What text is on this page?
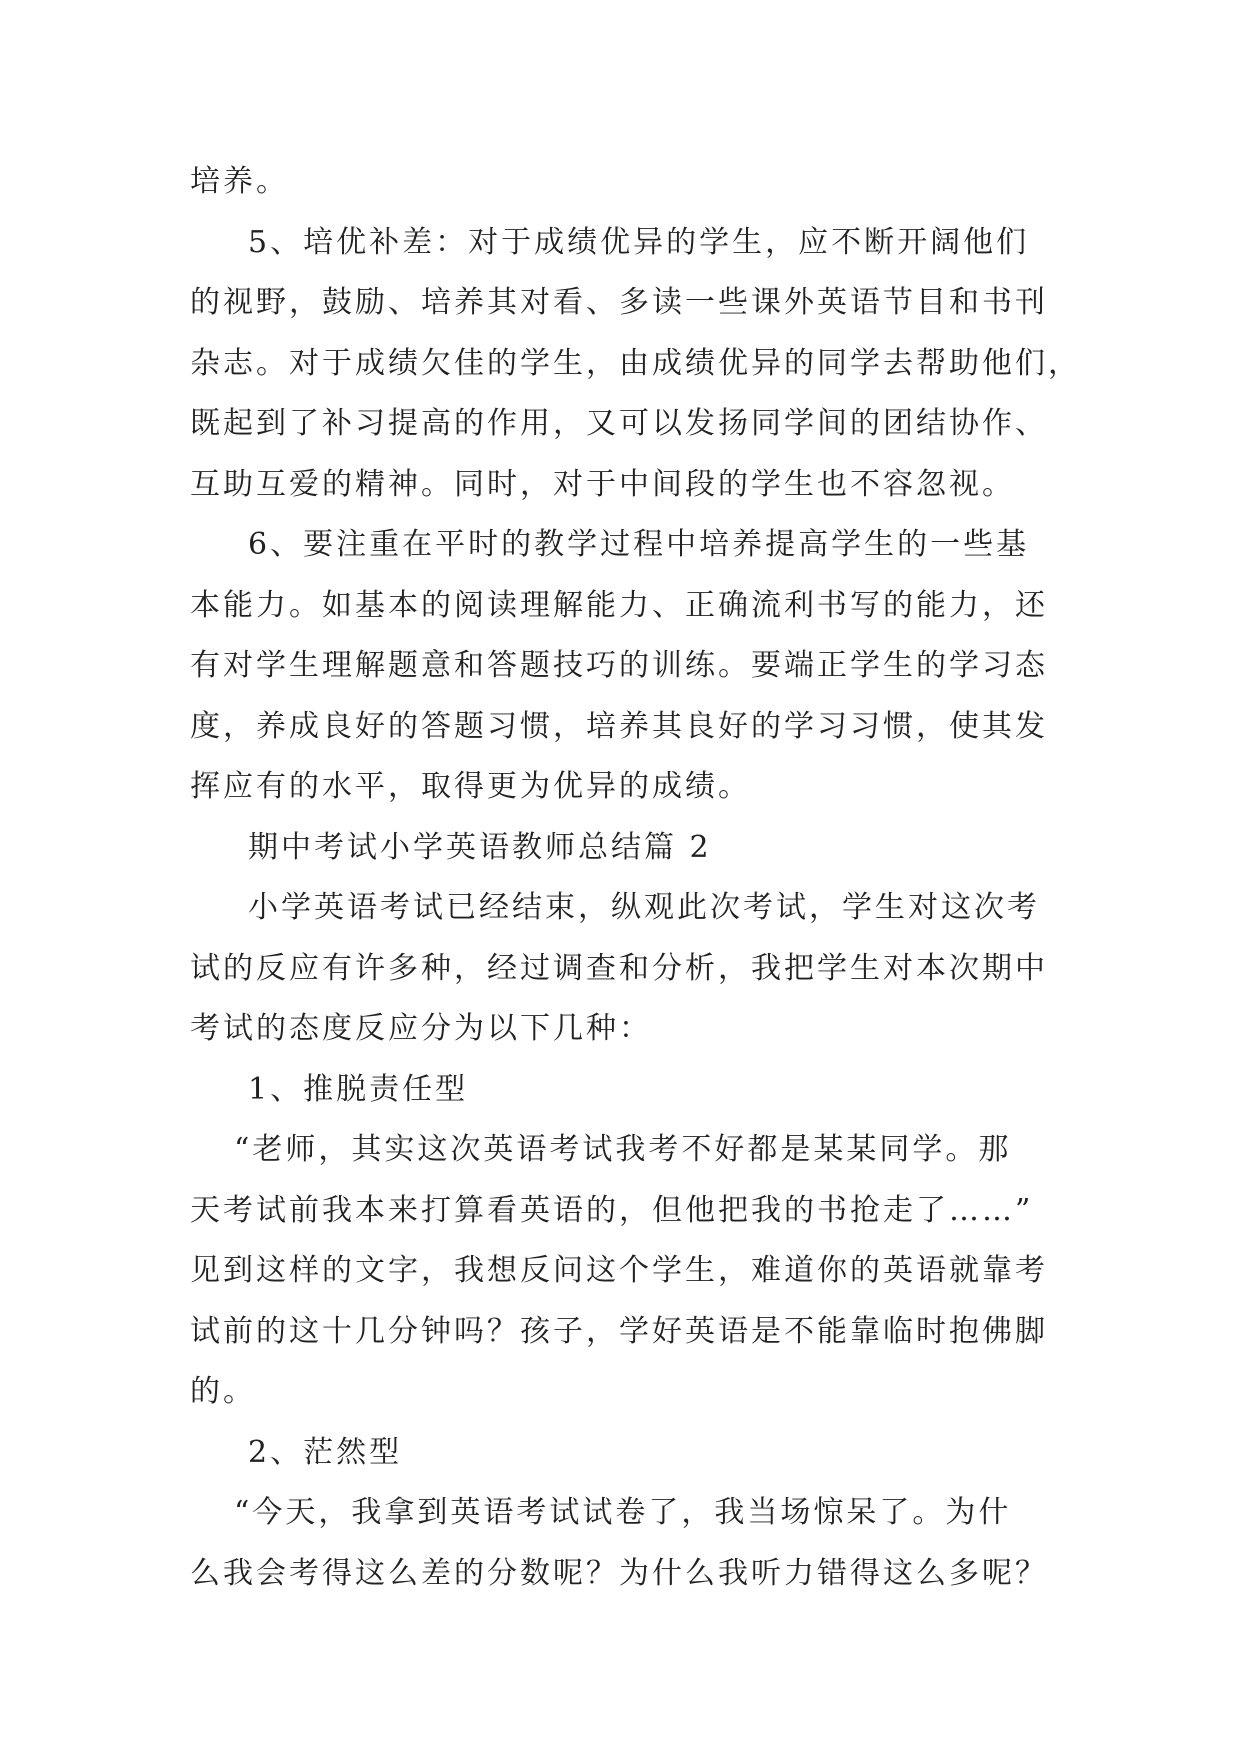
培养。
5、培优补差：对于成绩优异的学生，应不断开阔他们
的视野，鼓励、培养其对看、多读一些课外英语节目和书刊
杂志。对于成绩欠佳的学生，由成绩优异的同学去帮助他们，
既起到了补习提高的作用，又可以发扬同学间的团结协作、
互助互爱的精神。同时，对于中间段的学生也不容忽视。
6、要注重在平时的教学过程中培养提高学生的一些基
本能力。如基本的阅读理解能力、正确流利书写的能力，还
有对学生理解题意和答题技巧的训练。要端正学生的学习态
度，养成良好的答题习惯，培养其良好的学习习惯，使其发
挥应有的水平，取得更为优异的成绩。
期中考试小学英语教师总结篇 2
小学英语考试已经结束，纵观此次考试，学生对这次考
试的反应有许多种，经过调查和分析，我把学生对本次期中
考试的态度反应分为以下几种：
1、推脱责任型
“老师，其实这次英语考试我考不好都是某某同学。那
天考试前我本来打算看英语的，但他把我的书抢走了……”
见到这样的文字，我想反问这个学生，难道你的英语就靠考
试前的这十几分钟吗？孩子，学好英语是不能靠临时抱佛脚
的。
2、茫然型
“今天，我拿到英语考试试卷了，我当场惊呆了。为什
么我会考得这么差的分数呢？为什么我听力错得这么多呢？
